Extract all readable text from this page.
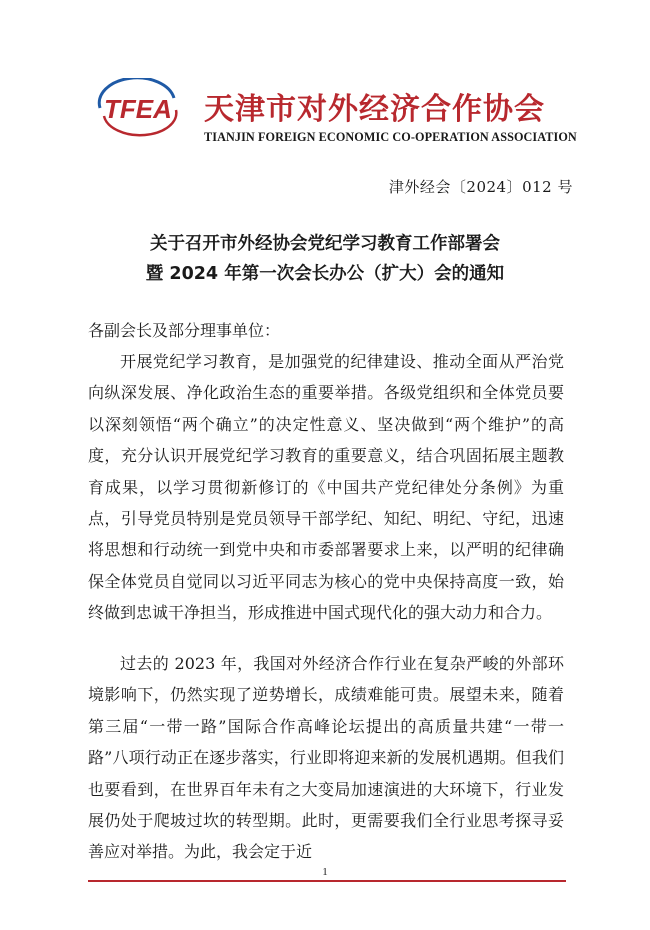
TFEA 天津市对外经济合作协会
TIANJIN FOREIGN ECONOMIC CO-OPERATION ASSOCIATION
津外经会〔2024〕012 号
关于召开市外经协会党纪学习教育工作部署会
暨 2024 年第一次会长办公（扩大）会的通知
各副会长及部分理事单位：
开展党纪学习教育，是加强党的纪律建设、推动全面从严治党向纵深发展、净化政治生态的重要举措。各级党组织和全体党员要以深刻领悟“两个确立”的决定性意义、坚决做到“两个维护”的高度，充分认识开展党纪学习教育的重要意义，结合巩固拓展主题教育成果，以学习贯彻新修订的《中国共产党纪律处分条例》为重点，引导党员特别是党员领导干部学纪、知纪、明纪、守纪，迅速将思想和行动统一到党中央和市委部署要求上来，以严明的纪律确保全体党员自觉同以习近平同志为核心的党中央保持高度一致，始终做到忠诚干净担当，形成推进中国式现代化的强大动力和合力。
过去的 2023 年，我国对外经济合作行业在复杂严峻的外部环境影响下，仍然实现了逆势增长，成绩难能可贵。展望未来，随着第三届“一带一路”国际合作高峰论坛提出的高质量共建“一带一路”八项行动正在逐步落实，行业即将迎来新的发展机遇期。但我们也要看到，在世界百年未有之大变局加速演进的大环境下，行业发展仍处于爬坡过坎的转型期。此时，更需要我们全行业思考探寻妥善应对举措。为此，我会定于近
1
